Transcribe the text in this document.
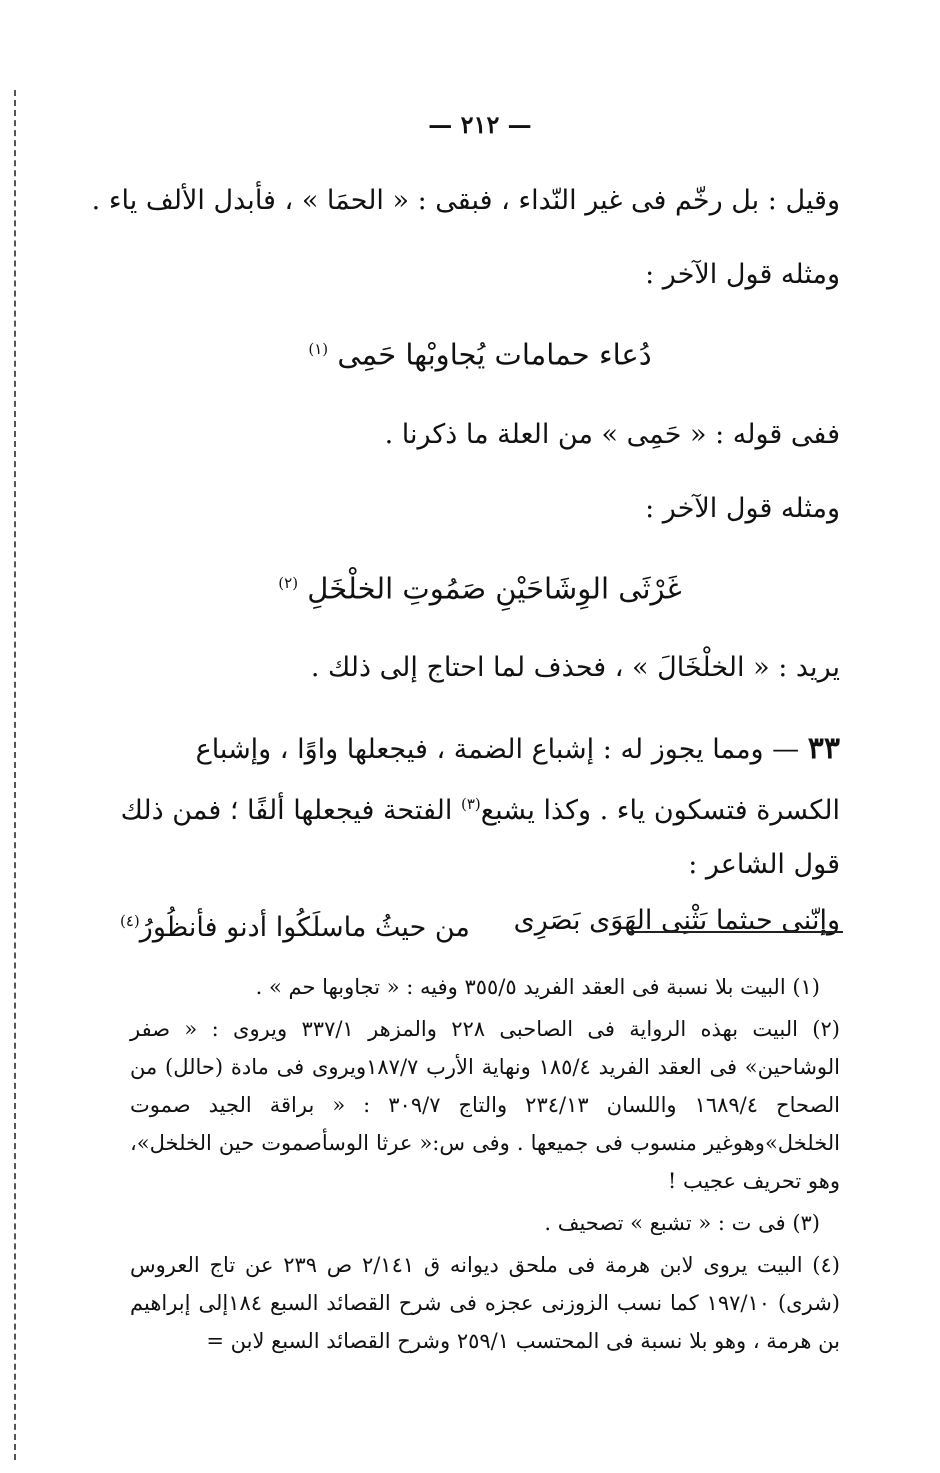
— ٢١٢ —
وقيل : بل رخّم فى غير النّداء ، فبقى : « الحمَا » ، فأبدل الألف ياء .
ومثله قول الآخر :
دُعاء حمامات يُجاوبْها حَمِى $^{(١)}$
ففى قوله : « حَمِى » من العلة ما ذكرنا .
ومثله قول الآخر :
غَرْثَى الوِشَاحَيْنِ صَمُوتِ الخلْخَلِ $^{(٢)}$
يريد : « الخلْخَالَ » ، فحذف لما احتاج إلى ذلك .
٣٣ — ومما يجوز له : إشباع الضمة ، فيجعلها واوًا ، وإشباع الكسرة فتسكون ياء . وكذا يشبع$^{(٣)}$ الفتحة فيجعلها ألفًا ؛ فمن ذلك قول الشاعر :
وإنّنى حيثما يَثْنِى الهَوَى بَصَرِى
من حيثُ ماسلَكُوا أدنو فأنظُورُ$^{(٤)}$
(١) البيت بلا نسبة فى العقد الفريد ٣٥٥/٥ وفيه : « تجاوبها حم » .
(٢) البيت بهذه الرواية فى الصاحبى ٢٢٨ والمزهر ٣٣٧/١ ويروى : « صفر الوشاحين» فى العقد الفريد ١٨٥/٤ ونهاية الأرب ١٨٧/٧ويروى فى مادة (حالل) من الصحاح ١٦٨٩/٤ واللسان ٢٣٤/١٣ والتاج ٣٠٩/٧ : « براقة الجيد صموت الخلخل»وهوغير منسوب فى جميعها . وفى س:« عرثا الوسأصموت حين الخلخل»، وهو تحريف عجيب !
(٣) فى ت : « تشبع » تصحيف .
(٤) البيت يروى لابن هرمة فى ملحق ديوانه ق ٢/١٤١ ص ٢٣٩ عن تاج العروس (شرى) ١٩٧/١٠ كما نسب الزوزنى عجزه فى شرح القصائد السبع ١٨٤إلى إبراهيم بن هرمة ، وهو بلا نسبة فى المحتسب ٢٥٩/١ وشرح القصائد السبع لابن =
